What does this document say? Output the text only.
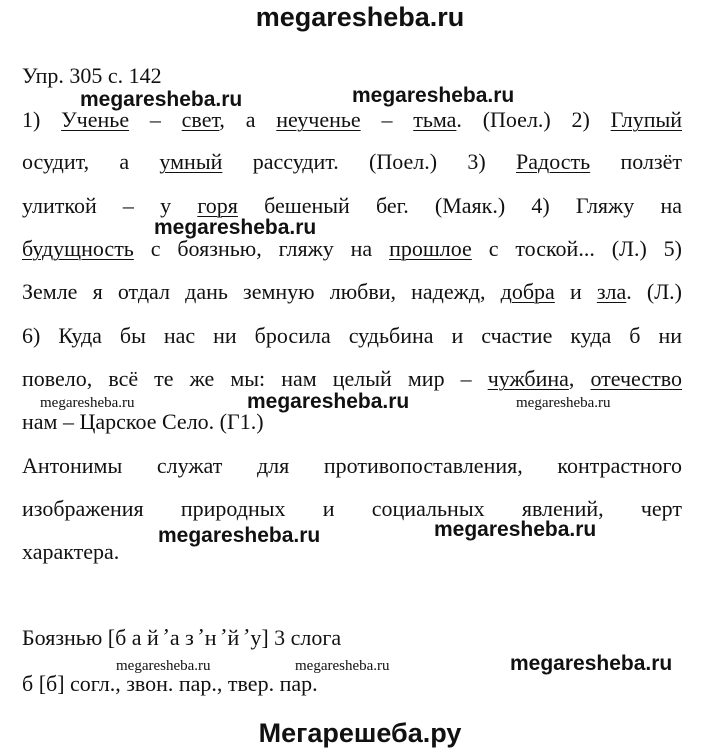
megaresheba.ru
Упр. 305 с. 142
1) Ученье – свет, а неученье – тьма. (Поел.) 2) Глупый
осудит, а умный рассудит. (Поел.) 3) Радость ползёт
улиткой – у горя бешеный бег. (Маяк.) 4) Гляжу на
будущность с боязнью, гляжу на прошлое с тоской... (Л.) 5)
Земле я отдал дань земную любви, надежд, добра и зла. (Л.)
6) Куда бы нас ни бросила судьбина и счастие куда б ни
повело, всё те же мы: нам целый мир – чужбина, отечество
нам – Царское Село. (Г1.)
Антонимы служат для противопоставления, контрастного
изображения природных и социальных явлений, черт
характера.
Боязнью [б а й ̛ а з ̛ н ̛ й ̛ у] 3 слога
б [б] согл., звон. пар., твер. пар.
megaresheba.ru	megaresheba.ru
megaresheba.ru
megaresheba.ru
megaresheba.ru	megaresheba.ru
megaresheba.ru
megaresheba.ru	megaresheba.ru
megaresheba.ru	megaresheba.ru
Мегарешеба.ру
